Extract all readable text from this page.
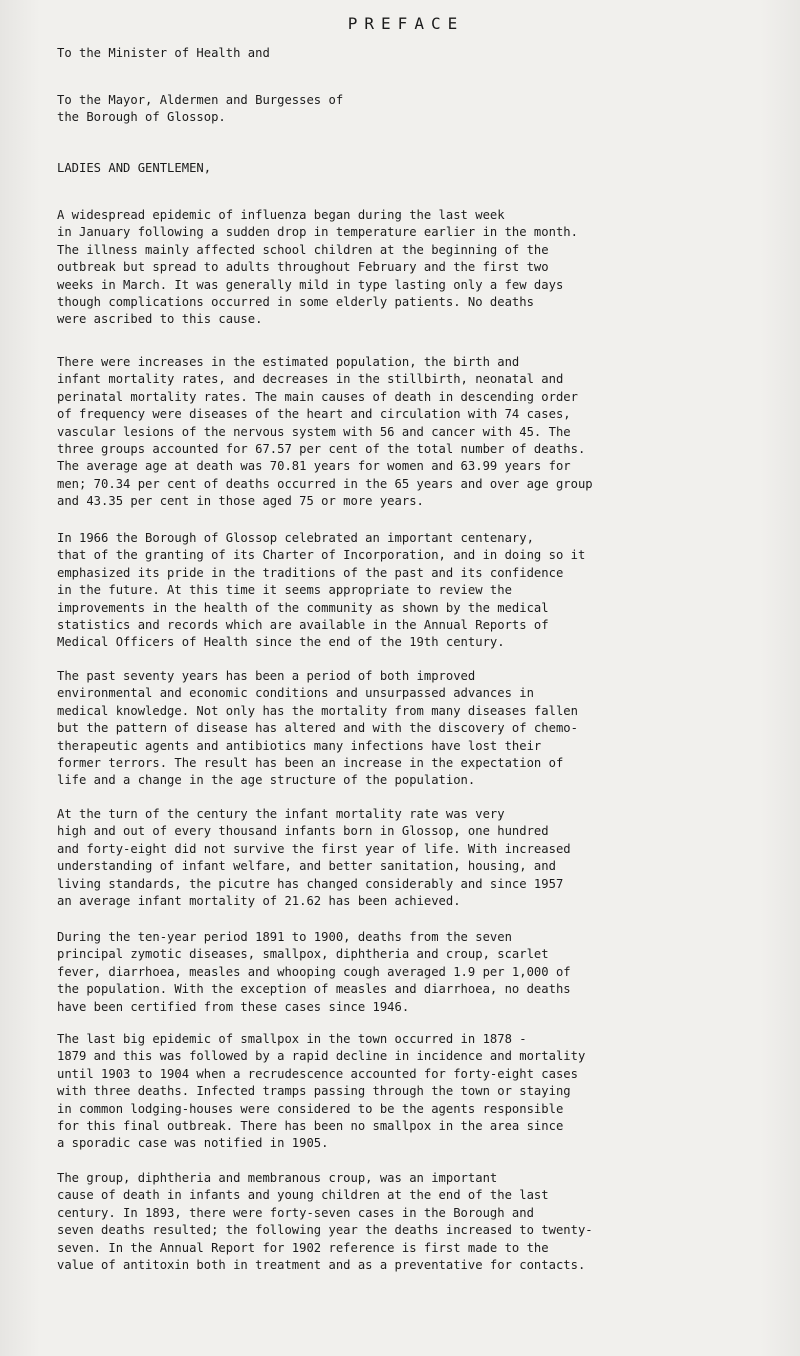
PREFACE
To the Minister of Health and
To the Mayor, Aldermen and Burgesses of
the Borough of Glossop.
LADIES AND GENTLEMEN,
A widespread epidemic of influenza began during the last week
in January following a sudden drop in temperature earlier in the month.
The illness mainly affected school children at the beginning of the
outbreak but spread to adults throughout February and the first two
weeks in March. It was generally mild in type lasting only a few days
though complications occurred in some elderly patients. No deaths
were ascribed to this cause.
There were increases in the estimated population, the birth and
infant mortality rates, and decreases in the stillbirth, neonatal and
perinatal mortality rates. The main causes of death in descending order
of frequency were diseases of the heart and circulation with 74 cases,
vascular lesions of the nervous system with 56 and cancer with 45. The
three groups accounted for 67.57 per cent of the total number of deaths.
The average age at death was 70.81 years for women and 63.99 years for
men; 70.34 per cent of deaths occurred in the 65 years and over age group
and 43.35 per cent in those aged 75 or more years.
In 1966 the Borough of Glossop celebrated an important centenary,
that of the granting of its Charter of Incorporation, and in doing so it
emphasized its pride in the traditions of the past and its confidence
in the future. At this time it seems appropriate to review the
improvements in the health of the community as shown by the medical
statistics and records which are available in the Annual Reports of
Medical Officers of Health since the end of the 19th century.
The past seventy years has been a period of both improved
environmental and economic conditions and unsurpassed advances in
medical knowledge. Not only has the mortality from many diseases fallen
but the pattern of disease has altered and with the discovery of chemo-
therapeutic agents and antibiotics many infections have lost their
former terrors. The result has been an increase in the expectation of
life and a change in the age structure of the population.
At the turn of the century the infant mortality rate was very
high and out of every thousand infants born in Glossop, one hundred
and forty-eight did not survive the first year of life. With increased
understanding of infant welfare, and better sanitation, housing, and
living standards, the picutre has changed considerably and since 1957
an average infant mortality of 21.62 has been achieved.
During the ten-year period 1891 to 1900, deaths from the seven
principal zymotic diseases, smallpox, diphtheria and croup, scarlet
fever, diarrhoea, measles and whooping cough averaged 1.9 per 1,000 of
the population. With the exception of measles and diarrhoea, no deaths
have been certified from these cases since 1946.
The last big epidemic of smallpox in the town occurred in 1878 -
1879 and this was followed by a rapid decline in incidence and mortality
until 1903 to 1904 when a recrudescence accounted for forty-eight cases
with three deaths. Infected tramps passing through the town or staying
in common lodging-houses were considered to be the agents responsible
for this final outbreak. There has been no smallpox in the area since
a sporadic case was notified in 1905.
The group, diphtheria and membranous croup, was an important
cause of death in infants and young children at the end of the last
century. In 1893, there were forty-seven cases in the Borough and
seven deaths resulted; the following year the deaths increased to twenty-
seven. In the Annual Report for 1902 reference is first made to the
value of antitoxin both in treatment and as a preventative for contacts.
